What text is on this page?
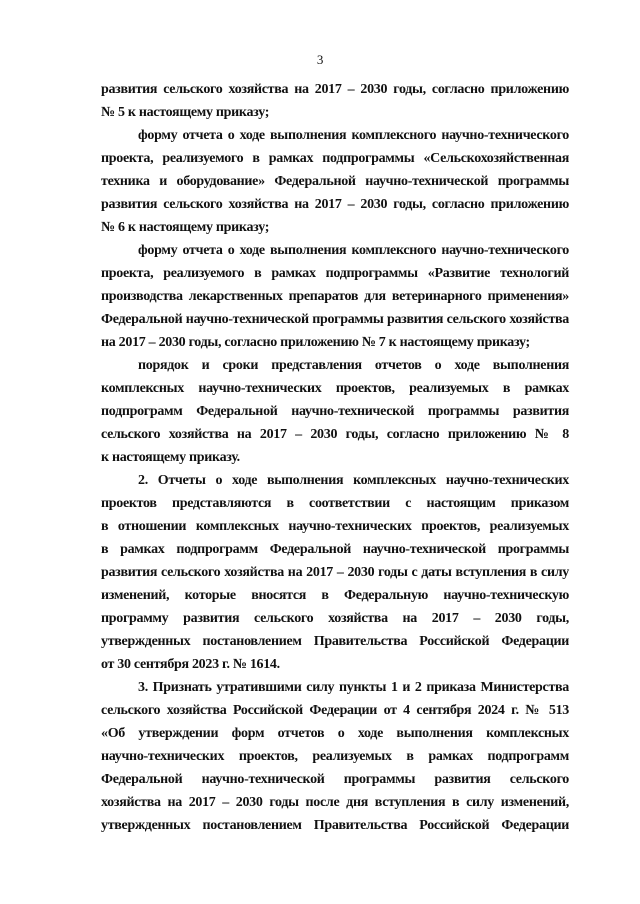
3
развития сельского хозяйства на 2017 – 2030 годы, согласно приложению
№ 5 к настоящему приказу;
форму отчета о ходе выполнения комплексного научно-технического
проекта, реализуемого в рамках подпрограммы «Сельскохозяйственная
техника и оборудование» Федеральной научно-технической программы
развития сельского хозяйства на 2017 – 2030 годы, согласно приложению
№ 6 к настоящему приказу;
форму отчета о ходе выполнения комплексного научно-технического
проекта, реализуемого в рамках подпрограммы «Развитие технологий
производства лекарственных препаратов для ветеринарного применения»
Федеральной научно-технической программы развития сельского хозяйства
на 2017 – 2030 годы, согласно приложению № 7 к настоящему приказу;
порядок и сроки представления отчетов о ходе выполнения
комплексных научно-технических проектов, реализуемых в рамках
подпрограмм Федеральной научно-технической программы развития
сельского хозяйства на 2017 – 2030 годы, согласно приложению № 8
к настоящему приказу.
2. Отчеты о ходе выполнения комплексных научно-технических
проектов представляются в соответствии с настоящим приказом
в отношении комплексных научно-технических проектов, реализуемых
в рамках подпрограмм Федеральной научно-технической программы
развития сельского хозяйства на 2017 – 2030 годы с даты вступления в силу
изменений, которые вносятся в Федеральную научно-техническую
программу развития сельского хозяйства на 2017 – 2030 годы,
утвержденных постановлением Правительства Российской Федерации
от 30 сентября 2023 г. № 1614.
3. Признать утратившими силу пункты 1 и 2 приказа Министерства
сельского хозяйства Российской Федерации от 4 сентября 2024 г. № 513
«Об утверждении форм отчетов о ходе выполнения комплексных
научно-технических проектов, реализуемых в рамках подпрограмм
Федеральной научно-технической программы развития сельского
хозяйства на 2017 – 2030 годы после дня вступления в силу изменений,
утвержденных постановлением Правительства Российской Федерации
